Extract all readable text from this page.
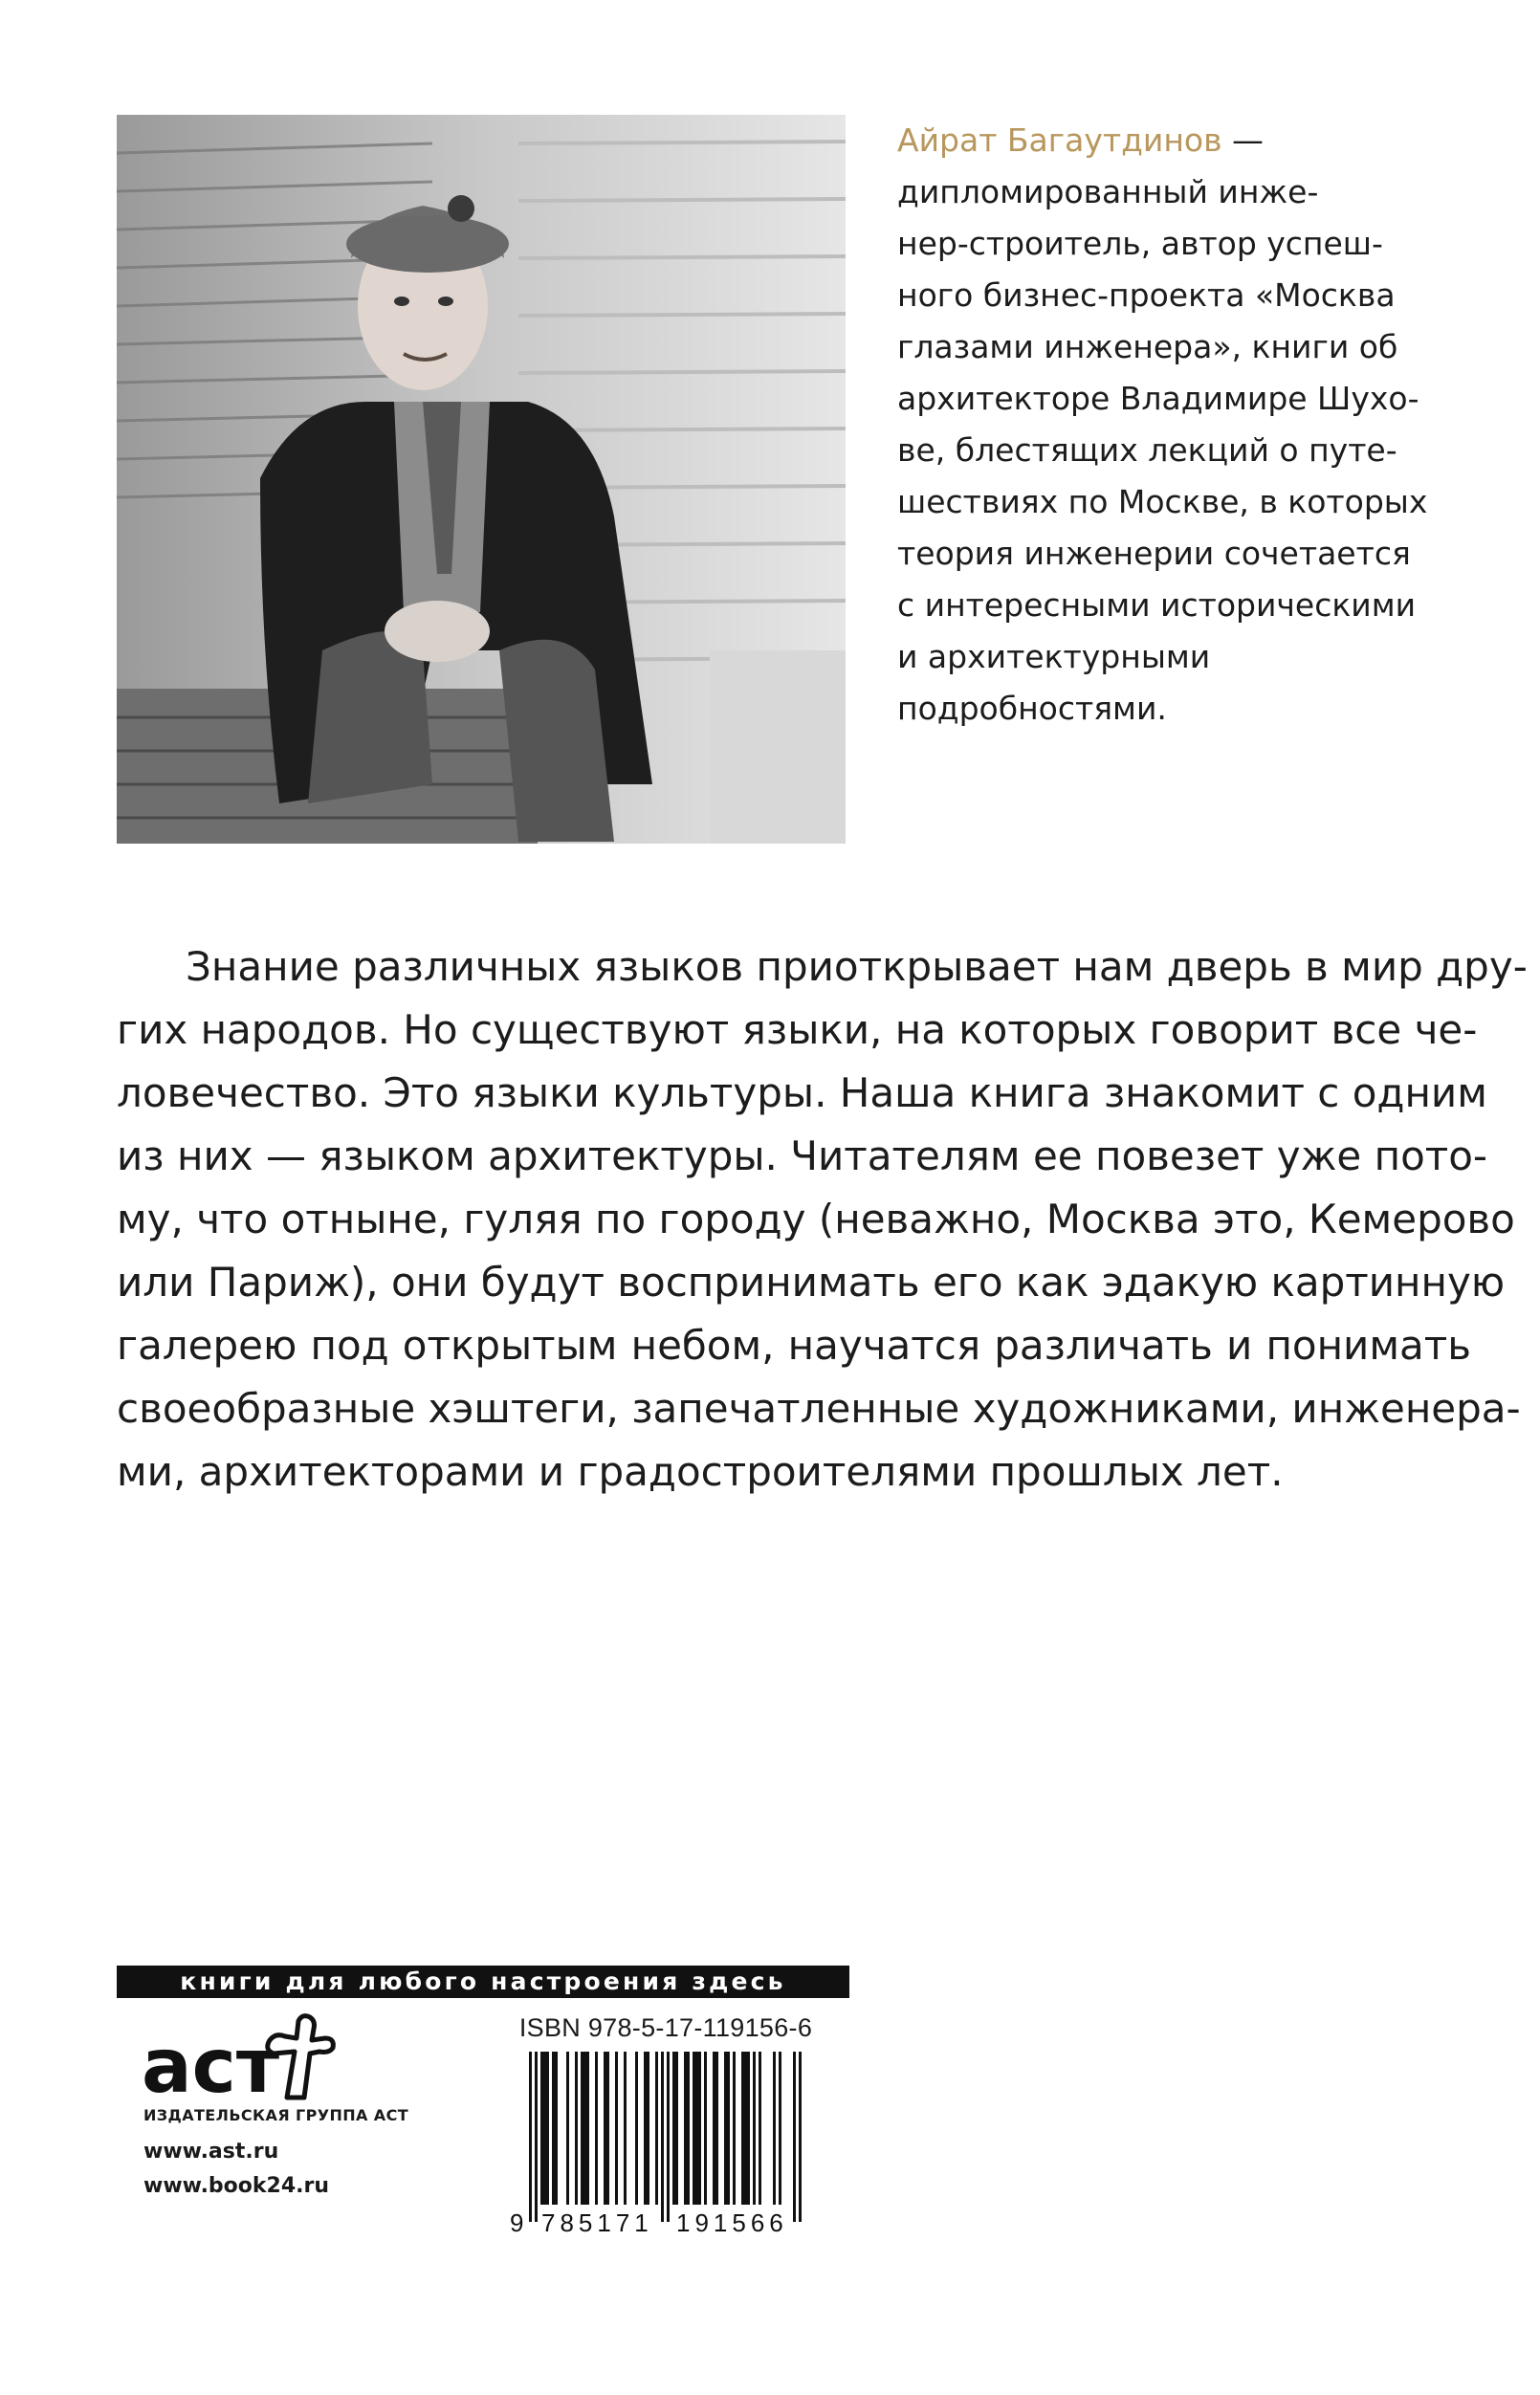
Айрат Багаутдинов —
дипломированный инже-
нер-строитель, автор успеш-
ного бизнес-проекта «Москва
глазами инженера», книги об
архитекторе Владимире Шухо-
ве, блестящих лекций о путе-
шествиях по Москве, в которых
теория инженерии сочетается
с интересными историческими
и архитектурными
подробностями.
Знание различных языков приоткрывает нам дверь в мир дру-
гих народов. Но существуют языки, на которых говорит все че-
ловечество. Это языки культуры. Наша книга знакомит с одним
из них — языком архитектуры. Читателям ее повезет уже пото-
му, что отныне, гуляя по городу (неважно, Москва это, Кемерово
или Париж), они будут воспринимать его как эдакую картинную
галерею под открытым небом, научатся различать и понимать
своеобразные хэштеги, запечатленные художниками, инженера-
ми, архитекторами и градостроителями прошлых лет.
книги для любого настроения здесь
аст
ИЗДАТЕЛЬСКАЯ ГРУППА АСТ
www.ast.ru
www.book24.ru
ISBN 978-5-17-119156-6
9 785171 191566
